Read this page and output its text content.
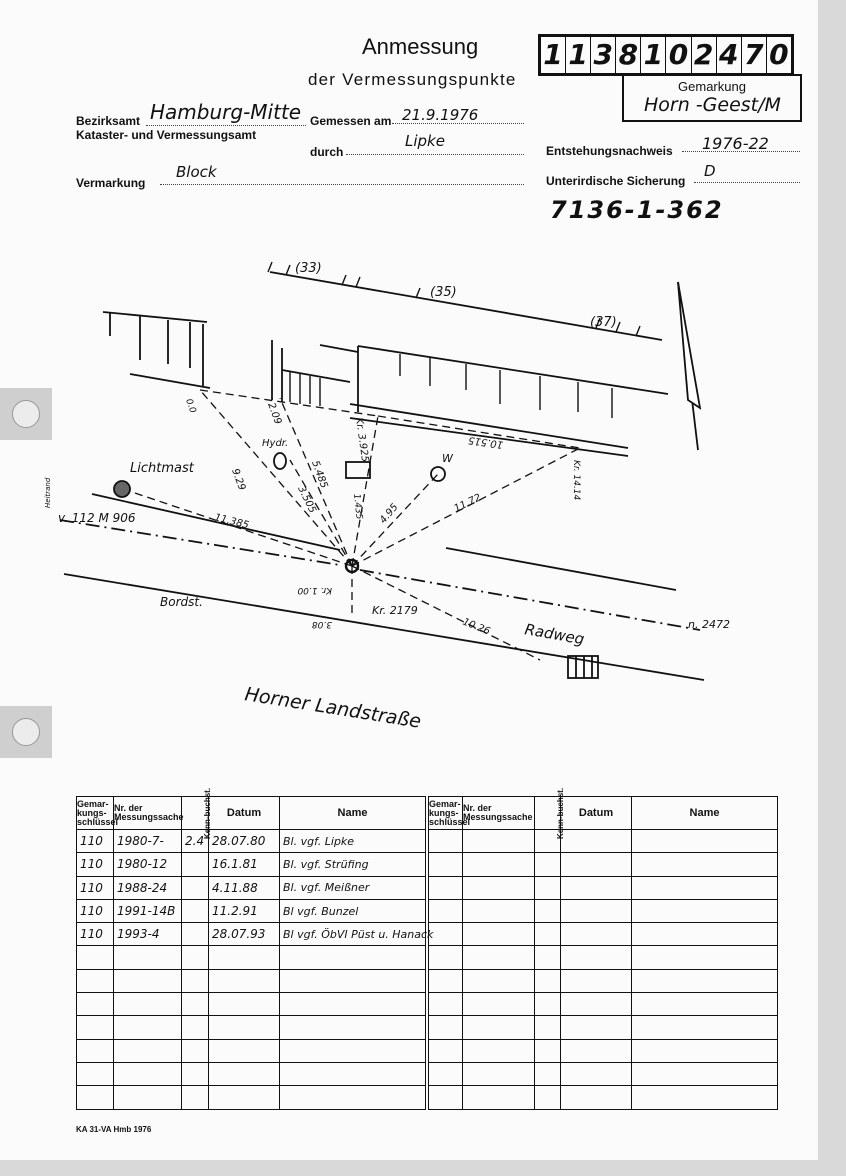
Anmessung
der Vermessungspunkte
1 1 3 8 1 0 2 4 7 0
Gemarkung
Horn -Geest/M
Bezirksamt
Kataster- und Vermessungsamt
Hamburg-Mitte Gemessen am 21.9.1976
durch
Lipke
Entstehungsnachweis 1976-22
Vermarkung
Block	Unterirdische Sicherung
D
7136-1-362
(33)
(35)
(37)
Lichtmast
Hydr.
W
v. 112 M 906
Bordst.
Radweg
Kr. 2179
n. 2472
Horner Landstraße
Heitrand
11.385
9.29
2.09
5.485
3.505
Kr. 3.925
1.435 4.95	11.72
10.515
10.26
Kr. 14.14
Kr. 1.00
3.08
0.0
Gemar-kungs-schlüssel	Nr. der Messungssache	Kenn-buchst.	Datum	Name
110	1980-7-	2.4	28.07.80	Bl. vgf. Lipke
110	1980-12		16.1.81	Bl. vgf. Strüfing
110	1988-24		4.11.88	Bl. vgf. Meißner
110	1991-14B		11.2.91	Bl vgf. Bunzel
110	1993-4		28.07.93	Bl vgf. ÖbVI Püst u. Hanack

Gemar-kungs-schlüssel	Nr. der Messungssache	Kenn-buchst.	Datum	Name

KA 31-VA Hmb 1976
